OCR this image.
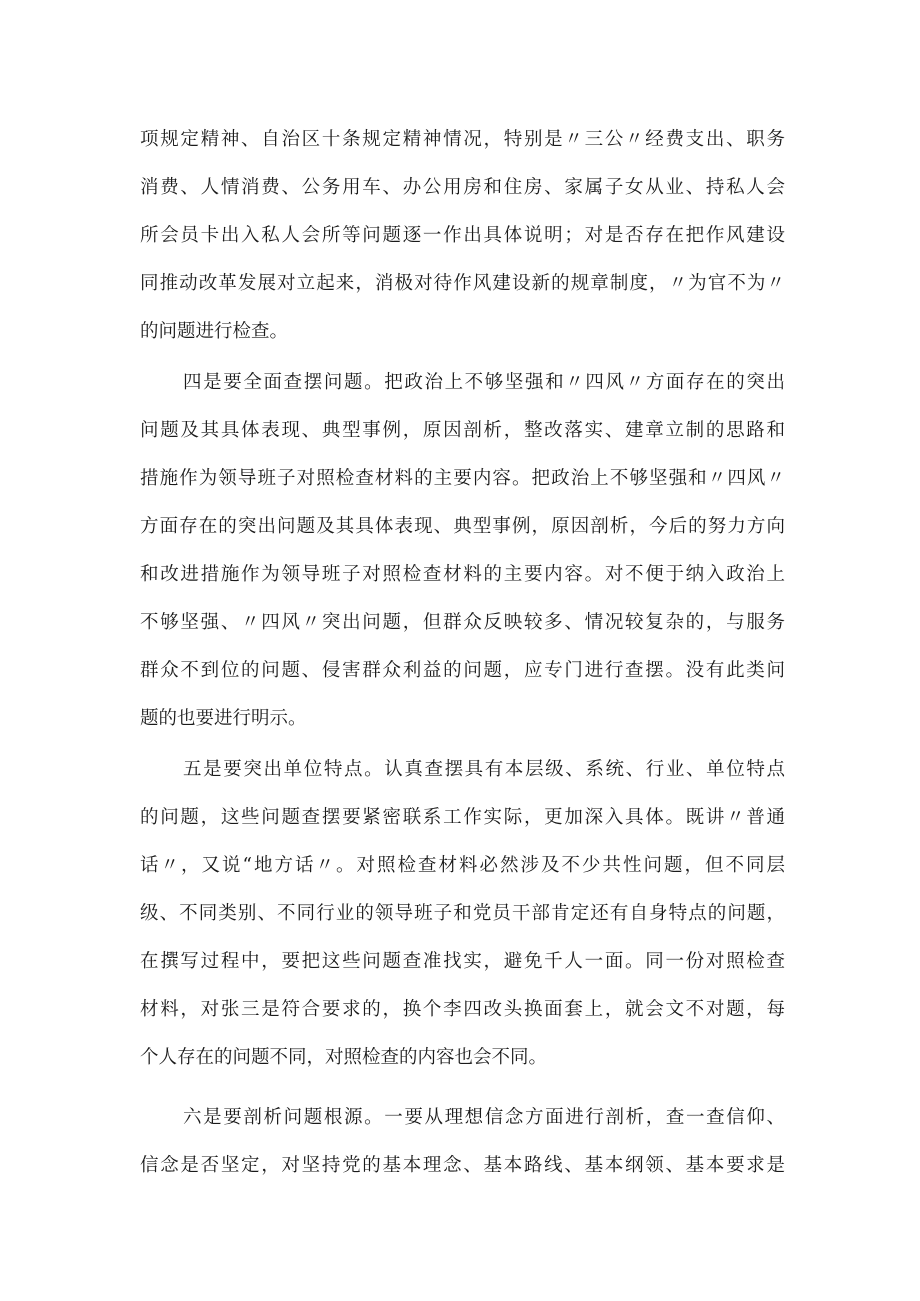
项规定精神、自治区十条规定精神情况，特别是〃三公〃经费支出、职务
消费、人情消费、公务用车、办公用房和住房、家属子女从业、持私人会
所会员卡出入私人会所等问题逐一作出具体说明；对是否存在把作风建设
同推动改革发展对立起来，消极对待作风建设新的规章制度，〃为官不为〃
的问题进行检查。
四是要全面查摆问题。把政治上不够坚强和〃四风〃方面存在的突出
问题及其具体表现、典型事例，原因剖析，整改落实、建章立制的思路和
措施作为领导班子对照检查材料的主要内容。把政治上不够坚强和〃四风〃
方面存在的突出问题及其具体表现、典型事例，原因剖析，今后的努力方向
和改进措施作为领导班子对照检查材料的主要内容。对不便于纳入政治上
不够坚强、〃四风〃突出问题，但群众反映较多、情况较复杂的，与服务
群众不到位的问题、侵害群众利益的问题，应专门进行查摆。没有此类问
题的也要进行明示。
五是要突出单位特点。认真查摆具有本层级、系统、行业、单位特点
的问题，这些问题查摆要紧密联系工作实际，更加深入具体。既讲〃普通
话〃，又说“地方话〃。对照检查材料必然涉及不少共性问题，但不同层
级、不同类别、不同行业的领导班子和党员干部肯定还有自身特点的问题，
在撰写过程中，要把这些问题查准找实，避免千人一面。同一份对照检查
材料，对张三是符合要求的，换个李四改头换面套上，就会文不对题，每
个人存在的问题不同，对照检查的内容也会不同。
六是要剖析问题根源。一要从理想信念方面进行剖析，查一查信仰、
信念是否坚定，对坚持党的基本理念、基本路线、基本纲领、基本要求是
